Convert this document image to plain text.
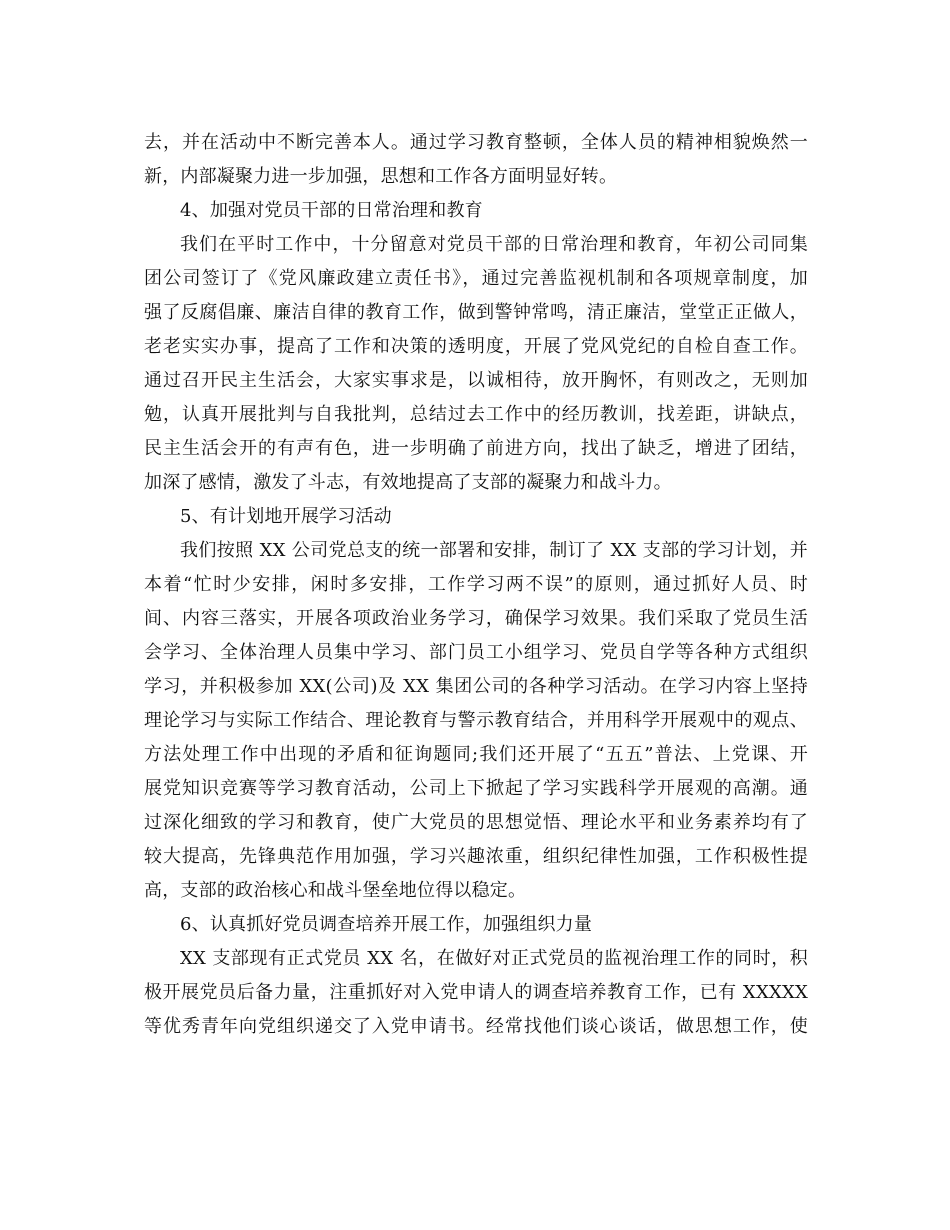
去，并在活动中不断完善本人。通过学习教育整顿，全体人员的精神相貌焕然一
新，内部凝聚力进一步加强，思想和工作各方面明显好转。
4、加强对党员干部的日常治理和教育
我们在平时工作中，十分留意对党员干部的日常治理和教育，年初公司同集
团公司签订了《党风廉政建立责任书》，通过完善监视机制和各项规章制度，加
强了反腐倡廉、廉洁自律的教育工作，做到警钟常鸣，清正廉洁，堂堂正正做人，
老老实实办事，提高了工作和决策的透明度，开展了党风党纪的自检自查工作。
通过召开民主生活会，大家实事求是，以诚相待，放开胸怀，有则改之，无则加
勉，认真开展批判与自我批判，总结过去工作中的经历教训，找差距，讲缺点，
民主生活会开的有声有色，进一步明确了前进方向，找出了缺乏，增进了团结，
加深了感情，激发了斗志，有效地提高了支部的凝聚力和战斗力。
5、有计划地开展学习活动
我们按照 XX 公司党总支的统一部署和安排，制订了 XX 支部的学习计划，并
本着“忙时少安排，闲时多安排，工作学习两不误”的原则，通过抓好人员、时
间、内容三落实，开展各项政治业务学习，确保学习效果。我们采取了党员生活
会学习、全体治理人员集中学习、部门员工小组学习、党员自学等各种方式组织
学习，并积极参加 XX(公司)及 XX 集团公司的各种学习活动。在学习内容上坚持
理论学习与实际工作结合、理论教育与警示教育结合，并用科学开展观中的观点、
方法处理工作中出现的矛盾和征询题同;我们还开展了“五五”普法、上党课、开
展党知识竞赛等学习教育活动，公司上下掀起了学习实践科学开展观的高潮。通
过深化细致的学习和教育，使广大党员的思想觉悟、理论水平和业务素养均有了
较大提高，先锋典范作用加强，学习兴趣浓重，组织纪律性加强，工作积极性提
高，支部的政治核心和战斗堡垒地位得以稳定。
6、认真抓好党员调查培养开展工作，加强组织力量
XX 支部现有正式党员 XX 名，在做好对正式党员的监视治理工作的同时，积
极开展党员后备力量，注重抓好对入党申请人的调查培养教育工作，已有 XXXXX
等优秀青年向党组织递交了入党申请书。经常找他们谈心谈话，做思想工作，使
